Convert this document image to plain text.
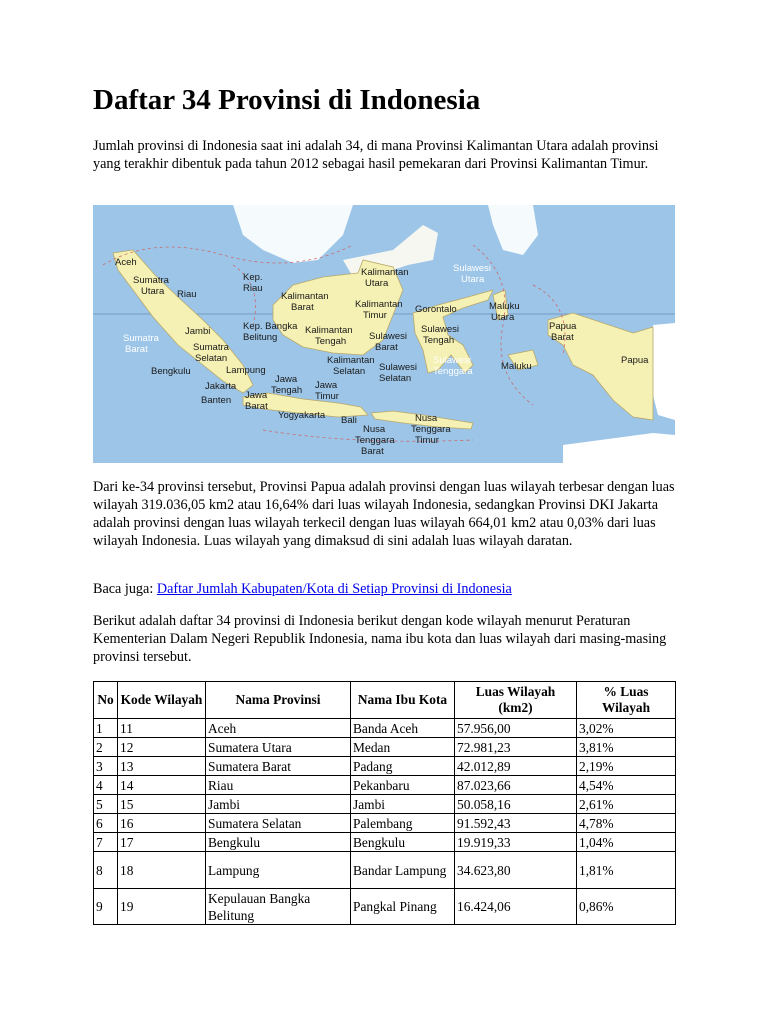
Daftar 34 Provinsi di Indonesia

Jumlah provinsi di Indonesia saat ini adalah 34, di mana Provinsi Kalimantan Utara adalah provinsi yang terakhir dibentuk pada tahun 2012 sebagai hasil pemekaran dari Provinsi Kalimantan Timur.

Aceh
Sumatra
Utara Riau
Kep.
Riau
Sumatra
Barat
Jambi	Kep. Bangka
Belitung
Sumatra
Selatan
Bengkulu	Lampung
Jakarta
Banten Jawa
Barat
Jawa
Tengah Jawa
Timur
Yogyakarta Bali
Kalimantan
Barat
Kalimantan
Tengah
Kalimantan
Selatan
Kalimantan
Timur
Kalimantan
Utara
Sulawesi
Utara
Gorontalo
Sulawesi
Barat
Sulawesi
Tengah
Sulawesi
Selatan
Sulawesi
Tenggara
Maluku
Utara
Maluku
Papua
Barat
Papua
Nusa
Tenggara
Barat
Nusa
Tenggara
Timur

Dari ke-34 provinsi tersebut, Provinsi Papua adalah provinsi dengan luas wilayah terbesar dengan luas wilayah 319.036,05 km2 atau 16,64% dari luas wilayah Indonesia, sedangkan Provinsi DKI Jakarta adalah provinsi dengan luas wilayah terkecil dengan luas wilayah 664,01 km2 atau 0,03% dari luas wilayah Indonesia. Luas wilayah yang dimaksud di sini adalah luas wilayah daratan.

Baca juga: Daftar Jumlah Kabupaten/Kota di Setiap Provinsi di Indonesia

Berikut adalah daftar 34 provinsi di Indonesia berikut dengan kode wilayah menurut Peraturan Kementerian Dalam Negeri Republik Indonesia, nama ibu kota dan luas wilayah dari masing-masing provinsi tersebut.

No	Kode Wilayah	Nama Provinsi	Nama Ibu Kota	Luas Wilayah (km2)	% Luas Wilayah
1	11	Aceh	Banda Aceh	57.956,00	3,02%
2	12	Sumatera Utara	Medan	72.981,23	3,81%
3	13	Sumatera Barat	Padang	42.012,89	2,19%
4	14	Riau	Pekanbaru	87.023,66	4,54%
5	15	Jambi	Jambi	50.058,16	2,61%
6	16	Sumatera Selatan	Palembang	91.592,43	4,78%
7	17	Bengkulu	Bengkulu	19.919,33	1,04%
8	18	Lampung	Bandar Lampung	34.623,80	1,81%
9	19	Kepulauan Bangka Belitung	Pangkal Pinang	16.424,06	0,86%
